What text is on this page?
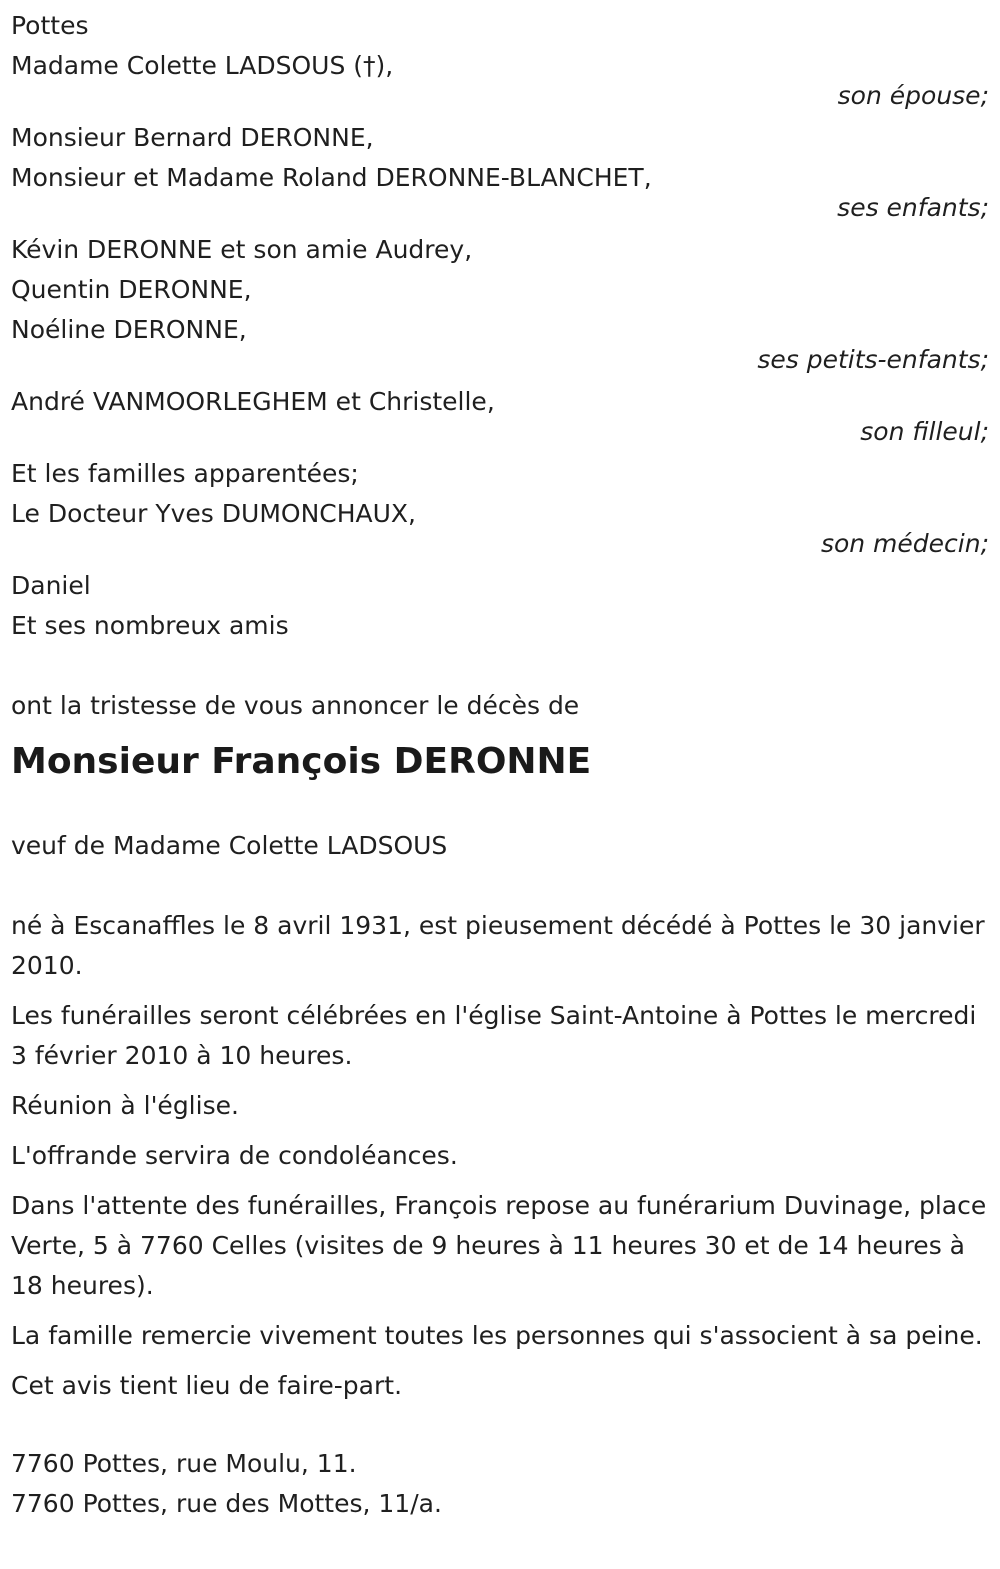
Pottes
Madame Colette LADSOUS (†),
son épouse;
Monsieur Bernard DERONNE,
Monsieur et Madame Roland DERONNE-BLANCHET,
ses enfants;
Kévin DERONNE et son amie Audrey,
Quentin DERONNE,
Noéline DERONNE,
ses petits-enfants;
André VANMOORLEGHEM et Christelle,
son filleul;
Et les familles apparentées;
Le Docteur Yves DUMONCHAUX,
son médecin;
Daniel
Et ses nombreux amis
ont la tristesse de vous annoncer le décès de
Monsieur François DERONNE
veuf de Madame Colette LADSOUS
né à Escanaffles le 8 avril 1931, est pieusement décédé à Pottes le 30 janvier 2010.
Les funérailles seront célébrées en l'église Saint-Antoine à Pottes le mercredi 3 février 2010 à 10 heures.
Réunion à l'église.
L'offrande servira de condoléances.
Dans l'attente des funérailles, François repose au funérarium Duvinage, place Verte, 5 à 7760 Celles (visites de 9 heures à 11 heures 30 et de 14 heures à 18 heures).
La famille remercie vivement toutes les personnes qui s'associent à sa peine.
Cet avis tient lieu de faire-part.
7760 Pottes, rue Moulu, 11.
7760 Pottes, rue des Mottes, 11/a.
